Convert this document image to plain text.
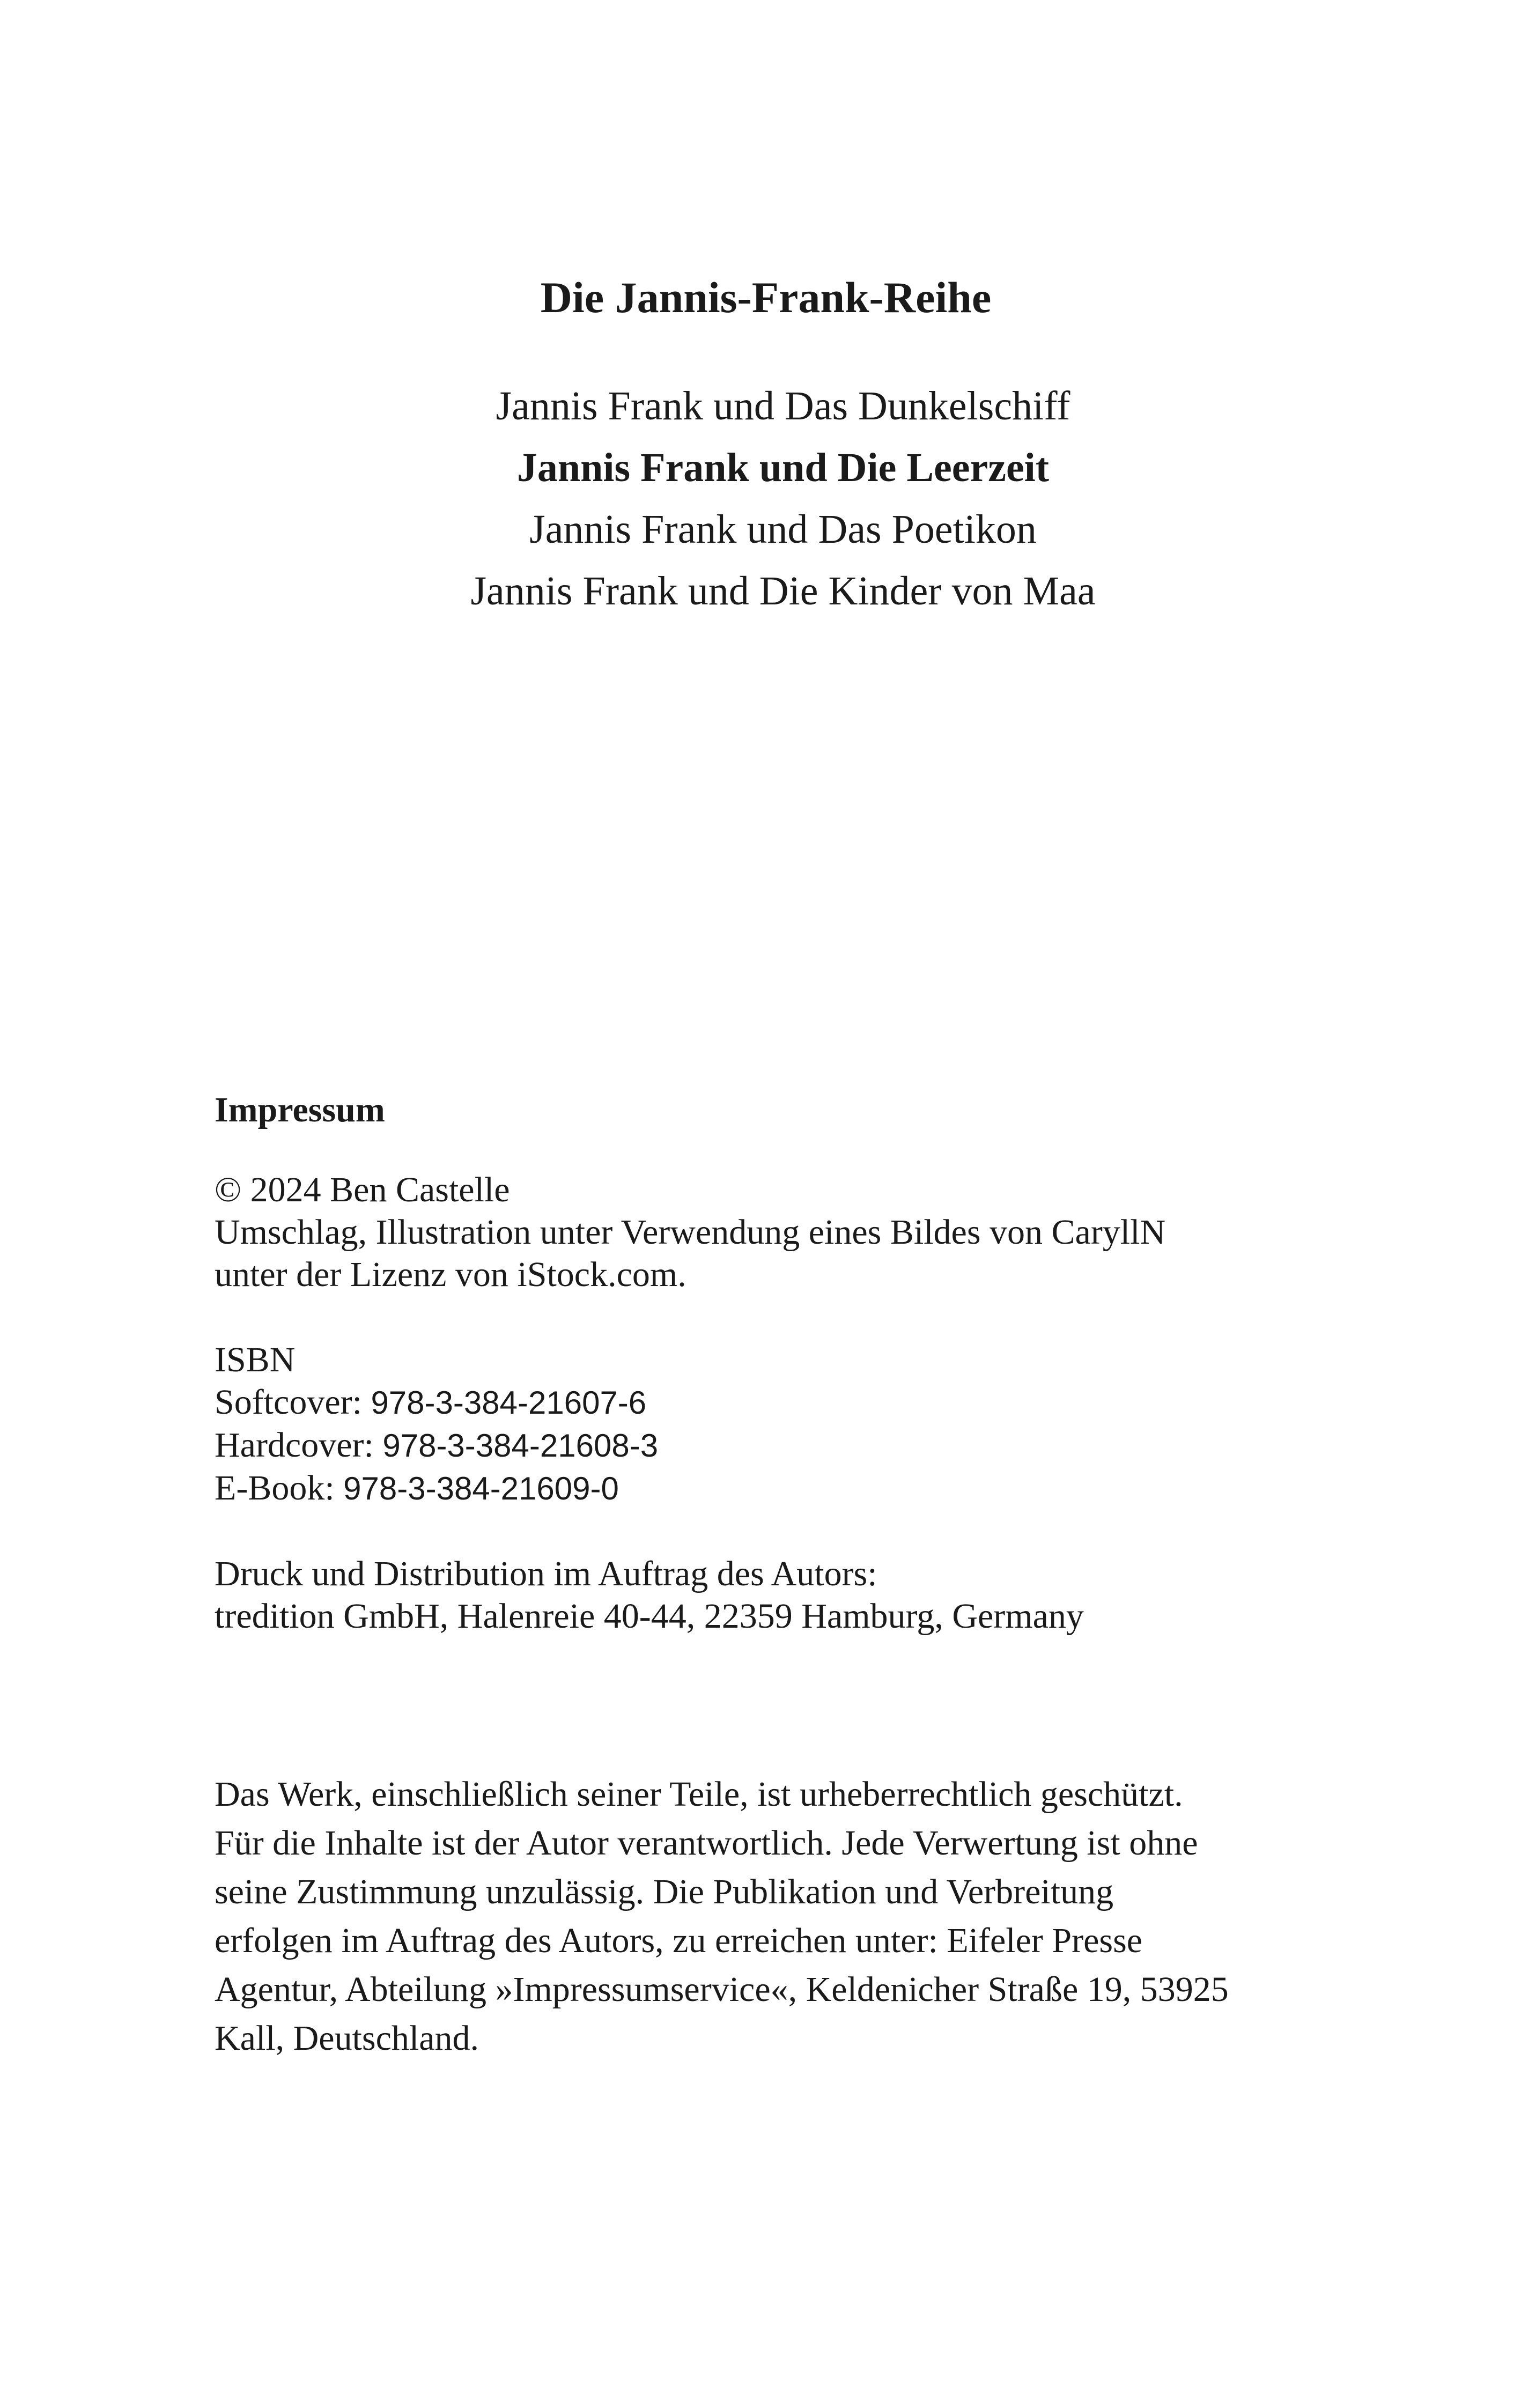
Die Jannis-Frank-Reihe
Jannis Frank und Das Dunkelschiff
Jannis Frank und Die Leerzeit
Jannis Frank und Das Poetikon
Jannis Frank und Die Kinder von Maa
Impressum
© 2024 Ben Castelle
Umschlag, Illustration unter Verwendung eines Bildes von CaryllN
unter der Lizenz von iStock.com.
ISBN
Softcover: 978-3-384-21607-6
Hardcover: 978-3-384-21608-3
E-Book: 978-3-384-21609-0
Druck und Distribution im Auftrag des Autors:
tredition GmbH, Halenreie 40-44, 22359 Hamburg, Germany
Das Werk, einschließlich seiner Teile, ist urheberrechtlich geschützt.
Für die Inhalte ist der Autor verantwortlich. Jede Verwertung ist ohne
seine Zustimmung unzulässig. Die Publikation und Verbreitung
erfolgen im Auftrag des Autors, zu erreichen unter: Eifeler Presse
Agentur, Abteilung »Impressumservice«, Keldenicher Straße 19, 53925
Kall, Deutschland.
